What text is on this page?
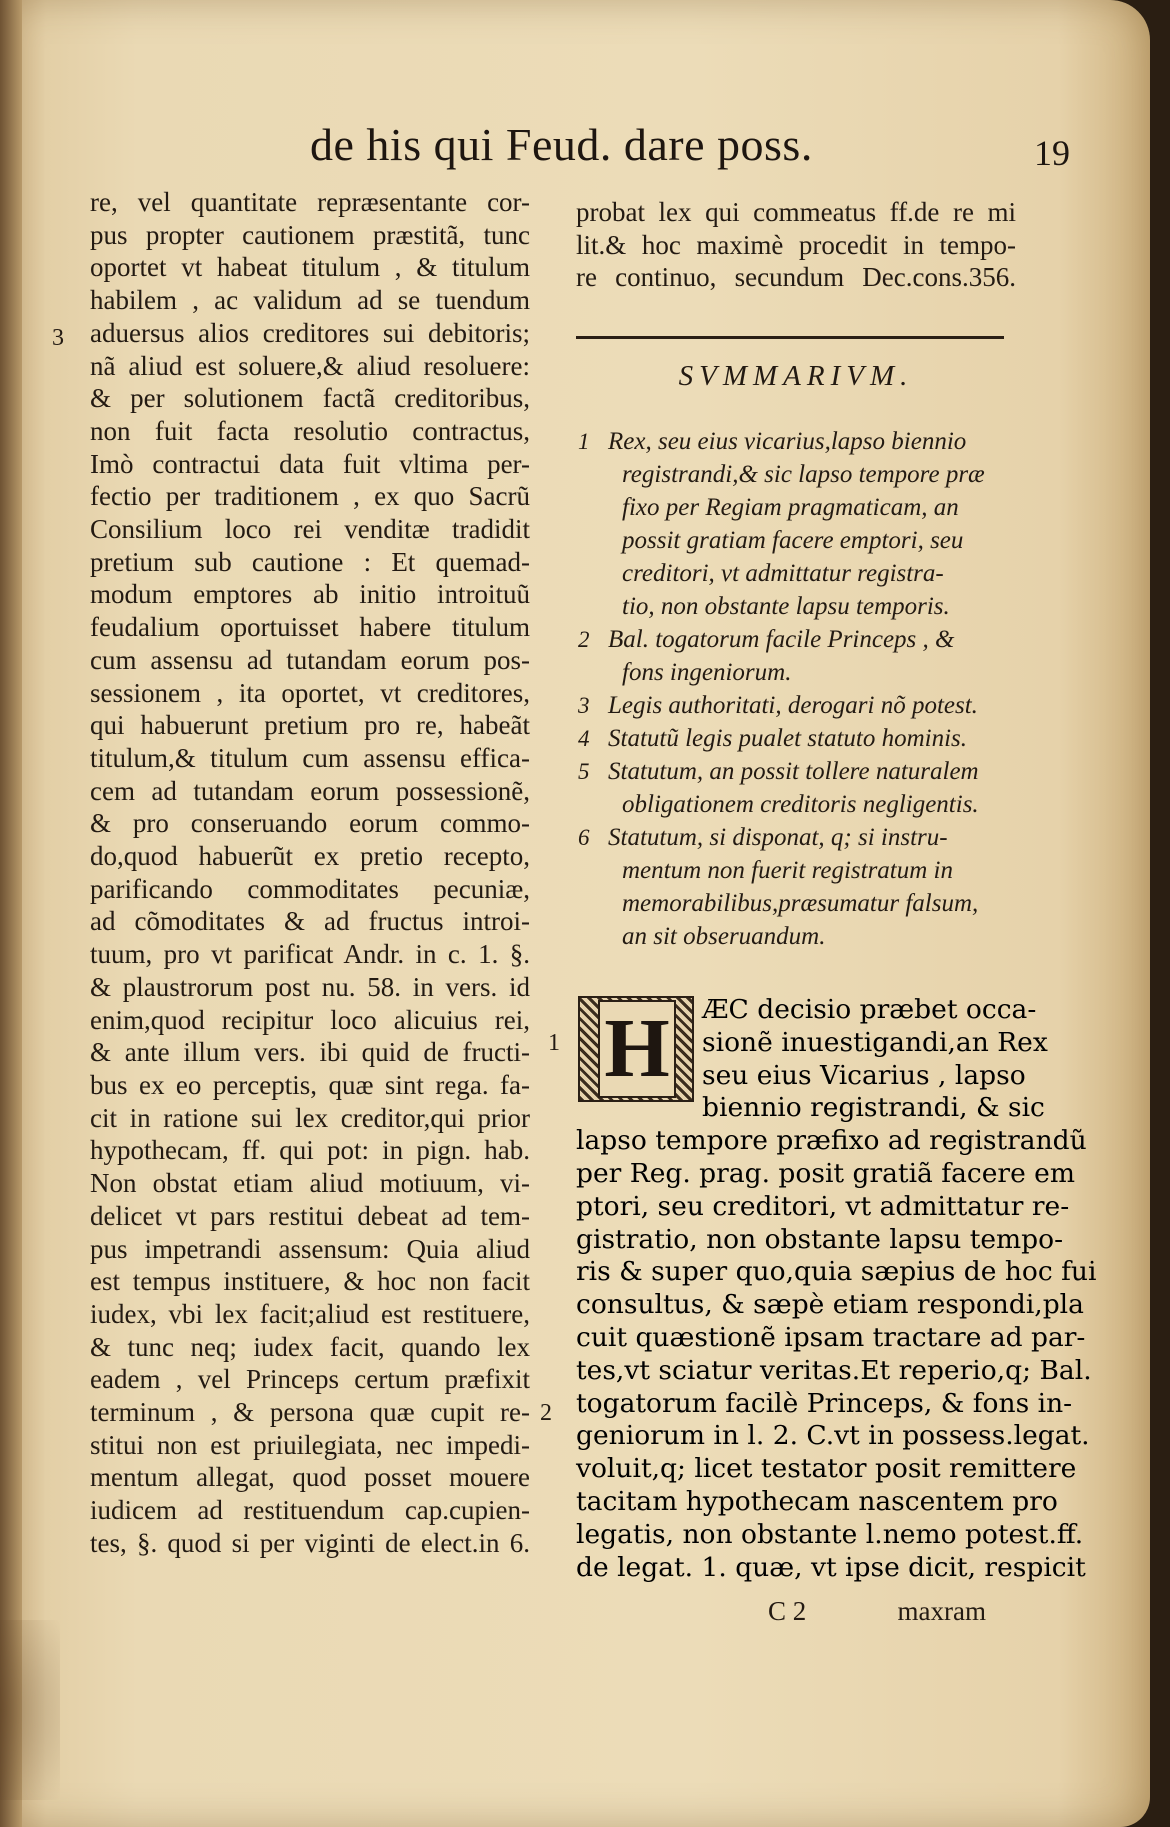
de his qui Feud. dare poss.	19
3
re, vel quantitate repræsentante cor-
pus propter cautionem præstitã, tunc
oportet vt habeat titulum , & titulum
habilem , ac validum ad se tuendum
aduersus alios creditores sui debitoris;
nã aliud est soluere,& aliud resoluere:
& per solutionem factã creditoribus,
non fuit facta resolutio contractus,
Imò contractui data fuit vltima per-
fectio per traditionem , ex quo Sacrũ
Consilium loco rei venditæ tradidit
pretium sub cautione : Et quemad-
modum emptores ab initio introituũ
feudalium oportuisset habere titulum
cum assensu ad tutandam eorum pos-
sessionem , ita oportet, vt creditores,
qui habuerunt pretium pro re, habeãt
titulum,& titulum cum assensu effica-
cem ad tutandam eorum possessionẽ,
& pro conseruando eorum commo-
do,quod habuerũt ex pretio recepto,
parificando commoditates pecuniæ,
ad cõmoditates & ad fructus introi-
tuum, pro vt parificat Andr. in c. 1. §.
& plaustrorum post nu. 58. in vers. id
enim,quod recipitur loco alicuius rei,
& ante illum vers. ibi quid de fructi-
bus ex eo perceptis, quæ sint rega. fa-
cit in ratione sui lex creditor,qui prior
hypothecam, ff. qui pot: in pign. hab.
Non obstat etiam aliud motiuum, vi-
delicet vt pars restitui debeat ad tem-
pus impetrandi assensum: Quia aliud
est tempus instituere, & hoc non facit
iudex, vbi lex facit;aliud est restituere,
& tunc neq; iudex facit, quando lex
eadem , vel Princeps certum præfixit
terminum , & persona quæ cupit re-
stitui non est priuilegiata, nec impedi-
mentum allegat, quod posset mouere
iudicem ad restituendum cap.cupien-
tes, §. quod si per viginti de elect.in 6.
probat lex qui commeatus ff.de re mi
lit.& hoc maximè procedit in tempo-
re continuo, secundum Dec.cons.356.
SVMMARIVM.
1 Rex, seu eius vicarius,lapso biennio
registrandi,& sic lapso tempore præ
fixo per Regiam pragmaticam, an
possit gratiam facere emptori, seu
creditori, vt admittatur registra-
tio, non obstante lapsu temporis.
2 Bal. togatorum facile Princeps , &
fons ingeniorum.
3 Legis authoritati, derogari nõ potest.
4 Statutũ legis pualet statuto hominis.
5 Statutum, an possit tollere naturalem
obligationem creditoris negligentis.
6 Statutum, si disponat, q; si instru-
mentum non fuerit registratum in
memorabilibus,præsumatur falsum,
an sit obseruandum.
H
1
2
ÆC decisio præbet occa-
sionẽ inuestigandi,an Rex
seu eius Vicarius , lapso
biennio registrandi, & sic
lapso tempore præfixo ad registrandũ
per Reg. prag. posit gratiã facere em
ptori, seu creditori, vt admittatur re-
gistratio, non obstante lapsu tempo-
ris & super quo,quia sæpius de hoc fui
consultus, & sæpè etiam respondi,pla
cuit quæstionẽ ipsam tractare ad par-
tes,vt sciatur veritas.Et reperio,q; Bal.
togatorum facilè Princeps, & fons in-
geniorum in l. 2. C.vt in possess.legat.
voluit,q; licet testator posit remittere
tacitam hypothecam nascentem pro
legatis, non obstante l.nemo potest.ff.
de legat. 1. quæ, vt ipse dicit, respicit
C 2	maxram
